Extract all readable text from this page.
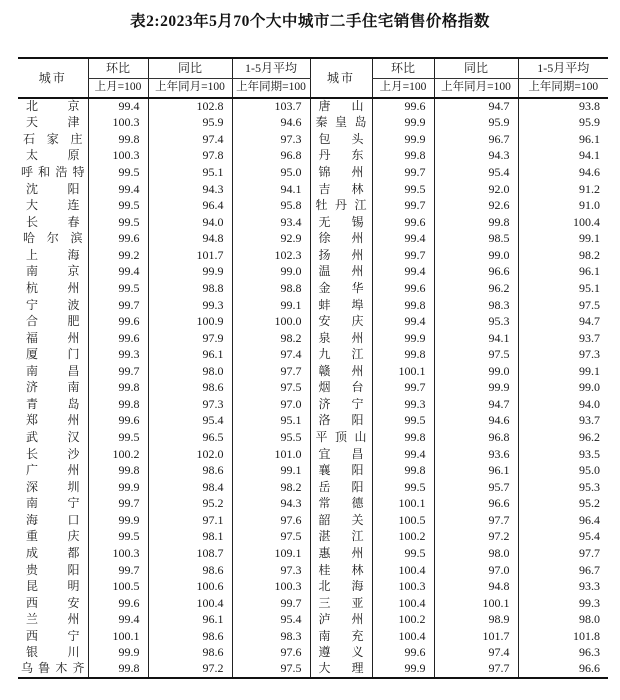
表2:2023年5月70个大中城市二手住宅销售价格指数
城市	环比	同比	1-5月平均	城市	环比	同比	1-5月平均
	上月=100	上年同月=100	上年同期=100		上月=100	上年同月=100	上年同期=100

北 京	99.4	102.8	103.7	唐 山	99.6	94.7	93.8

天 津	100.3	95.9	94.6	秦 皇 岛	99.9	95.9	95.9

石 家 庄	99.8	97.4	97.3	包 头	99.9	96.7	96.1

太 原	100.3	97.8	96.8	丹 东	99.8	94.3	94.1

呼 和 浩 特	99.5	95.1	95.0	锦 州	99.7	95.4	94.6

沈 阳	99.4	94.3	94.1	吉 林	99.5	92.0	91.2

大 连	99.5	96.4	95.8	牡 丹 江	99.7	92.6	91.0

长 春	99.5	94.0	93.4	无 锡	99.6	99.8	100.4

哈 尔 滨	99.6	94.8	92.9	徐 州	99.4	98.5	99.1

上 海	99.2	101.7	102.3	扬 州	99.7	99.0	98.2

南 京	99.4	99.9	99.0	温 州	99.4	96.6	96.1

杭 州	99.5	98.8	98.8	金 华	99.6	96.2	95.1

宁 波	99.7	99.3	99.1	蚌 埠	99.8	98.3	97.5

合 肥	99.6	100.9	100.0	安 庆	99.4	95.3	94.7

福 州	99.6	97.9	98.2	泉 州	99.9	94.1	93.7

厦 门	99.3	96.1	97.4	九 江	99.8	97.5	97.3

南 昌	99.7	98.0	97.7	赣 州	100.1	99.0	99.1

济 南	99.8	98.6	97.5	烟 台	99.7	99.9	99.0

青 岛	99.8	97.3	97.0	济 宁	99.3	94.7	94.0

郑 州	99.6	95.4	95.1	洛 阳	99.5	94.6	93.7

武 汉	99.5	96.5	95.5	平 顶 山	99.8	96.8	96.2

长 沙	100.2	102.0	101.0	宜 昌	99.4	93.6	93.5

广 州	99.8	98.6	99.1	襄 阳	99.8	96.1	95.0

深 圳	99.9	98.4	98.2	岳 阳	99.5	95.7	95.3

南 宁	99.7	95.2	94.3	常 德	100.1	96.6	95.2

海 口	99.9	97.1	97.6	韶 关	100.5	97.7	96.4

重 庆	99.5	98.1	97.5	湛 江	100.2	97.2	95.4

成 都	100.3	108.7	109.1	惠 州	99.5	98.0	97.7

贵 阳	99.7	98.6	97.3	桂 林	100.4	97.0	96.7

昆 明	100.5	100.6	100.3	北 海	100.3	94.8	93.3

西 安	99.6	100.4	99.7	三 亚	100.4	100.1	99.3

兰 州	99.4	96.1	95.4	泸 州	100.2	98.9	98.0

西 宁	100.1	98.6	98.3	南 充	100.4	101.7	101.8

银 川	99.9	98.6	97.6	遵 义	99.6	97.4	96.3

乌 鲁 木 齐	99.8	97.2	97.5	大 理	99.9	97.7	96.6
